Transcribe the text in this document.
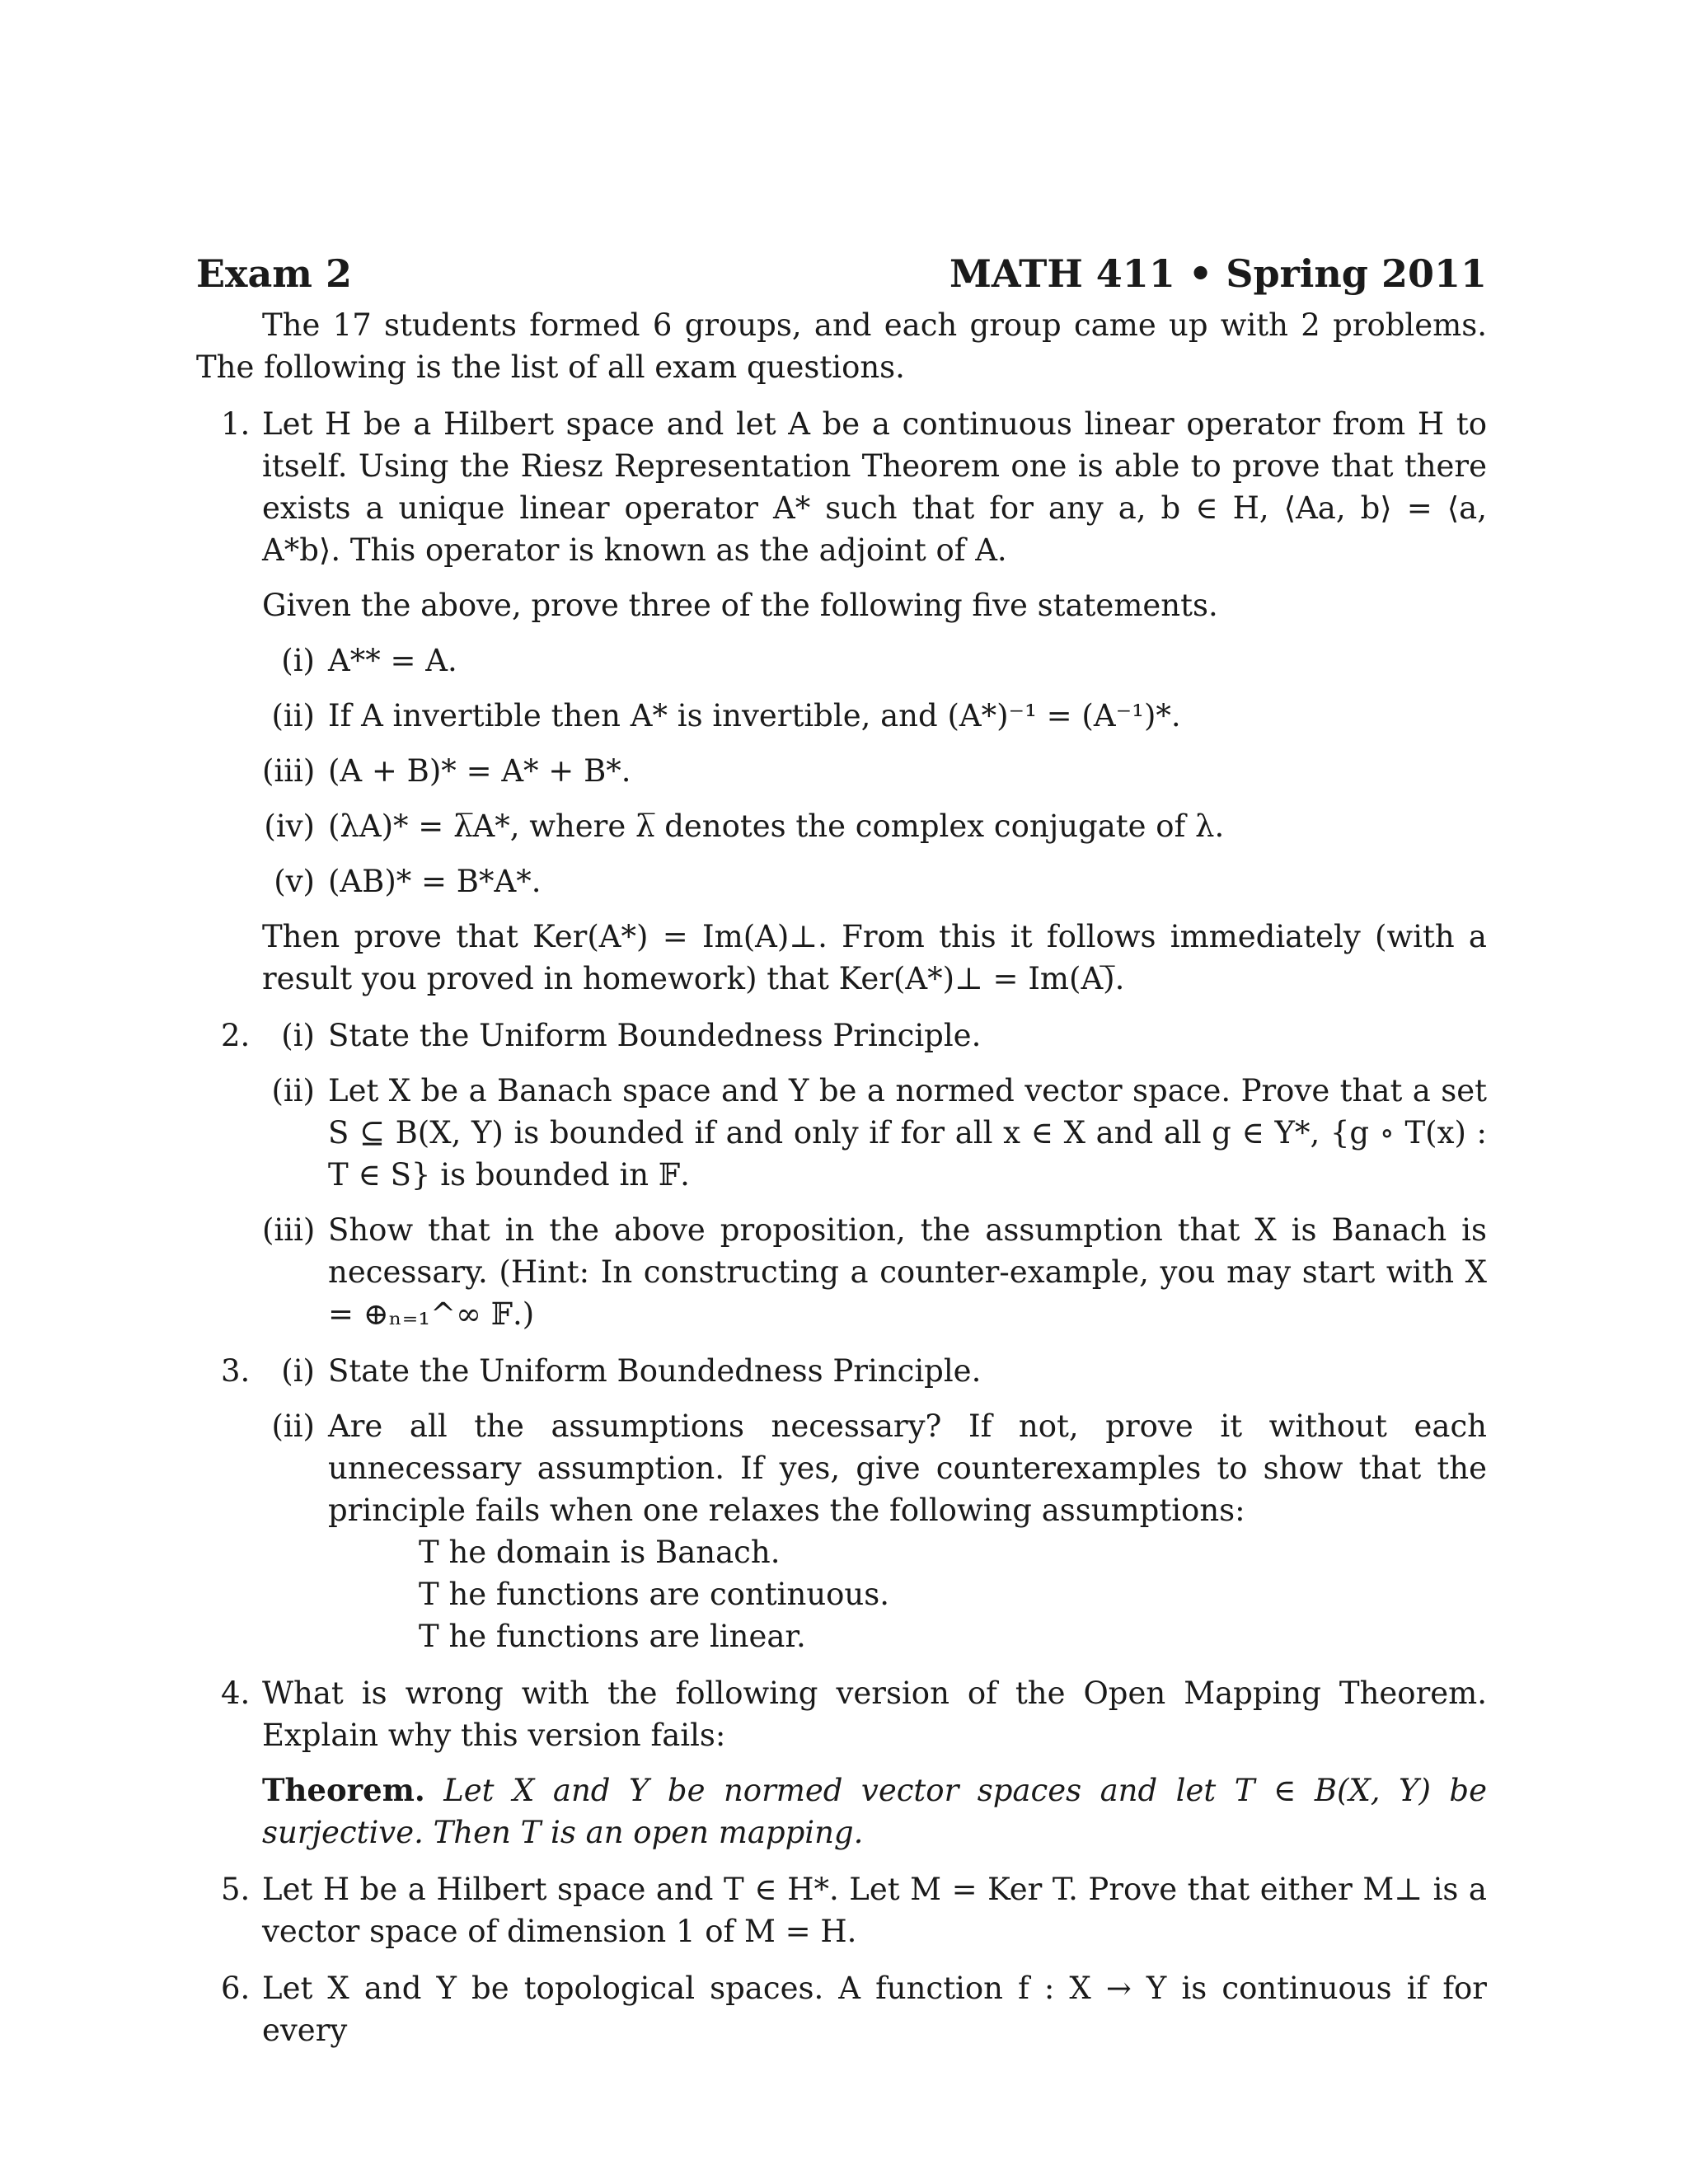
Exam 2	MATH 411 • Spring 2011

The 17 students formed 6 groups, and each group came up with 2 problems. The following is the list of all exam questions.

1. Let H be a Hilbert space and let A be a continuous linear operator from H to itself. Using the Riesz Representation Theorem one is able to prove that there exists a unique linear operator A* such that for any a, b ∈ H, ⟨Aa, b⟩ = ⟨a, A*b⟩. This operator is known as the adjoint of A.

Given the above, prove three of the following five statements.

(i) A** = A.

(ii) If A invertible then A* is invertible, and (A*)⁻¹ = (A⁻¹)*.

(iii) (A + B)* = A* + B*.

(iv) (λA)* = λ̅A*, where λ̅ denotes the complex conjugate of λ.

(v) (AB)* = B*A*.

Then prove that Ker(A*) = Im(A)⊥. From this it follows immediately (with a result you proved in homework) that Ker(A*)⊥ = Im(A)̅.

2.	(i) State the Uniform Boundedness Principle.

(ii) Let X be a Banach space and Y be a normed vector space. Prove that a set S ⊆ B(X, Y) is bounded if and only if for all x ∈ X and all g ∈ Y*, {g ∘ T(x) : T ∈ S} is bounded in 𝔽.

(iii) Show that in the above proposition, the assumption that X is Banach is necessary. (Hint: In constructing a counter-example, you may start with X = ⊕ₙ₌₁^∞ 𝔽.)

3.	(i) State the Uniform Boundedness Principle.

(ii) Are all the assumptions necessary? If not, prove it without each unnecessary assumption. If yes, give counterexamples to show that the principle fails when one relaxes the following assumptions:

T he domain is Banach.

T he functions are continuous.

T he functions are linear.

4. What is wrong with the following version of the Open Mapping Theorem. Explain why this version fails:

Theorem. Let X and Y be normed vector spaces and let T ∈ B(X, Y) be surjective. Then T is an open mapping.

5. Let H be a Hilbert space and T ∈ H*. Let M = Ker T. Prove that either M⊥ is a vector space of dimension 1 of M = H.

6. Let X and Y be topological spaces. A function f : X → Y is continuous if for every
